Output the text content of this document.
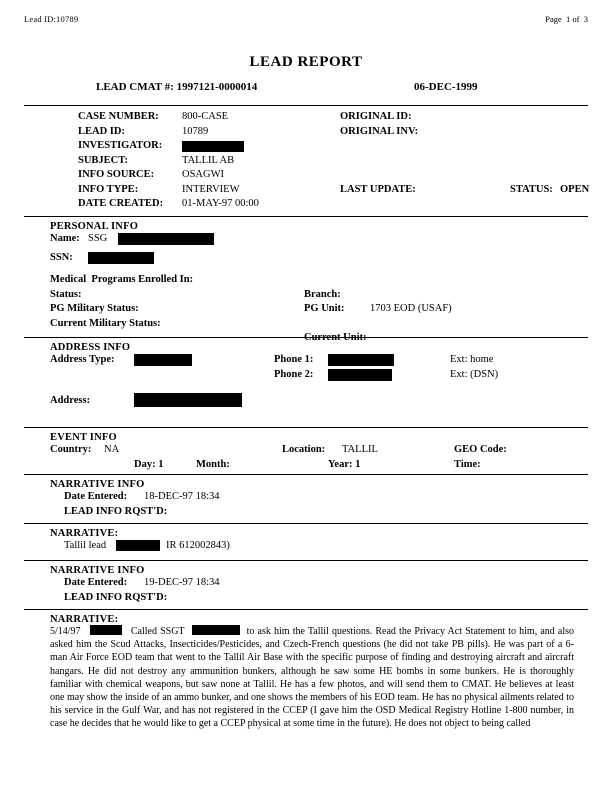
Lead ID:10789	Page  1 of  3
LEAD REPORT
LEAD CMAT #: 1997121-0000014	06-DEC-1999
CASE NUMBER: 800-CASE	ORIGINAL ID:
LEAD ID:	10789	ORIGINAL INV:
INVESTIGATOR:
SUBJECT:	TALLIL AB
INFO SOURCE:	OSAGWI
INFO TYPE:	INTERVIEW	LAST UPDATE:	STATUS: OPEN
DATE CREATED: 01-MAY-97 00:00
PERSONAL INFO
Name: SSG
SSN:
Medical  Programs Enrolled In:
Status:	Branch:
PG Military Status:	PG Unit: 1703 EOD (USAF)
Current Military Status:
Current Unit:
ADDRESS INFO
Address Type:	Phone 1:	Ext: home
Phone 2:	Ext: (DSN)
Address:
EVENT INFO
Country: NA	Location: TALLIL	GEO Code:
Day: 1	Month:	Year: 1	Time:
NARRATIVE INFO
Date Entered: 18-DEC-97 18:34
LEAD INFO RQST'D:
NARRATIVE:
Tallil lead	IR 612002843)
NARRATIVE INFO
Date Entered: 19-DEC-97 18:34
LEAD INFO RQST'D:
NARRATIVE:
5/14/97	Called SSGT	to ask him the Tallil questions. Read the Privacy Act Statement to him, and also asked him the Scud Attacks, Insecticides/Pesticides, and Czech-French questions (he did not take PB pills). He was part of a 6-man Air Force EOD team that went to the Tallil Air Base with the specific purpose of finding and destroying aircraft and aircraft hangars. He did not destroy any ammunition bunkers, although he saw some HE bombs in some bunkers. He is thoroughly familiar with chemical weapons, but saw none at Tallil. He has a few photos, and will send them to CMAT. He believes at least one may show the inside of an ammo bunker, and one shows the members of his EOD team. He has no physical ailments related to his service in the Gulf War, and has not registered in the CCEP (I gave him the OSD Medical Registry Hotline 1-800 number, in case he decides that he would like to get a CCEP physical at some time in the future). He does not object to being called
